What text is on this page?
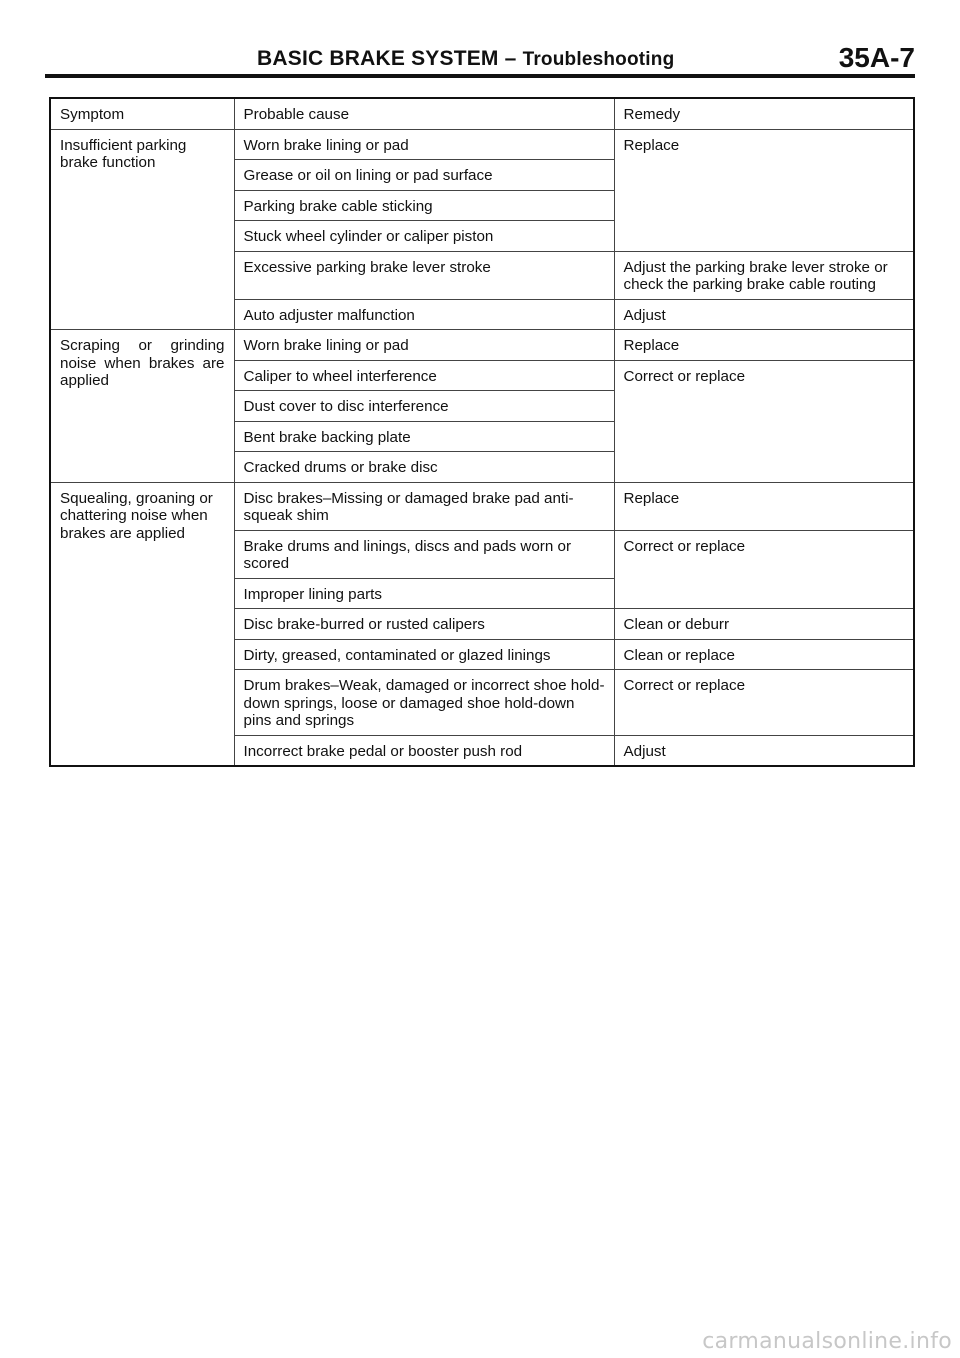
BASIC BRAKE SYSTEM – Troubleshooting	35A-7
Symptom	Probable cause	Remedy
Insufficient parking brake function	Worn brake lining or pad	Replace
	Grease or oil on lining or pad surface	
	Parking brake cable sticking	
	Stuck wheel cylinder or caliper piston	
	Excessive parking brake lever stroke	Adjust the parking brake lever stroke or check the parking brake cable routing
	Auto adjuster malfunction	Adjust
Scraping or grinding noise when brakes are applied	Worn brake lining or pad	Replace
	Caliper to wheel interference	Correct or replace
	Dust cover to disc interference	
	Bent brake backing plate	
	Cracked drums or brake disc	
Squealing, groaning or chattering noise when brakes are applied	Disc brakes–Missing or damaged brake pad anti-squeak shim	Replace
	Brake drums and linings, discs and pads worn or scored	Correct or replace
	Improper lining parts	
	Disc brake-burred or rusted calipers	Clean or deburr
	Dirty, greased, contaminated or glazed linings	Clean or replace
	Drum brakes–Weak, damaged or incorrect shoe hold-down springs, loose or damaged shoe hold-down pins and springs	Correct or replace
	Incorrect brake pedal or booster push rod	Adjust
carmanualsonline.info
